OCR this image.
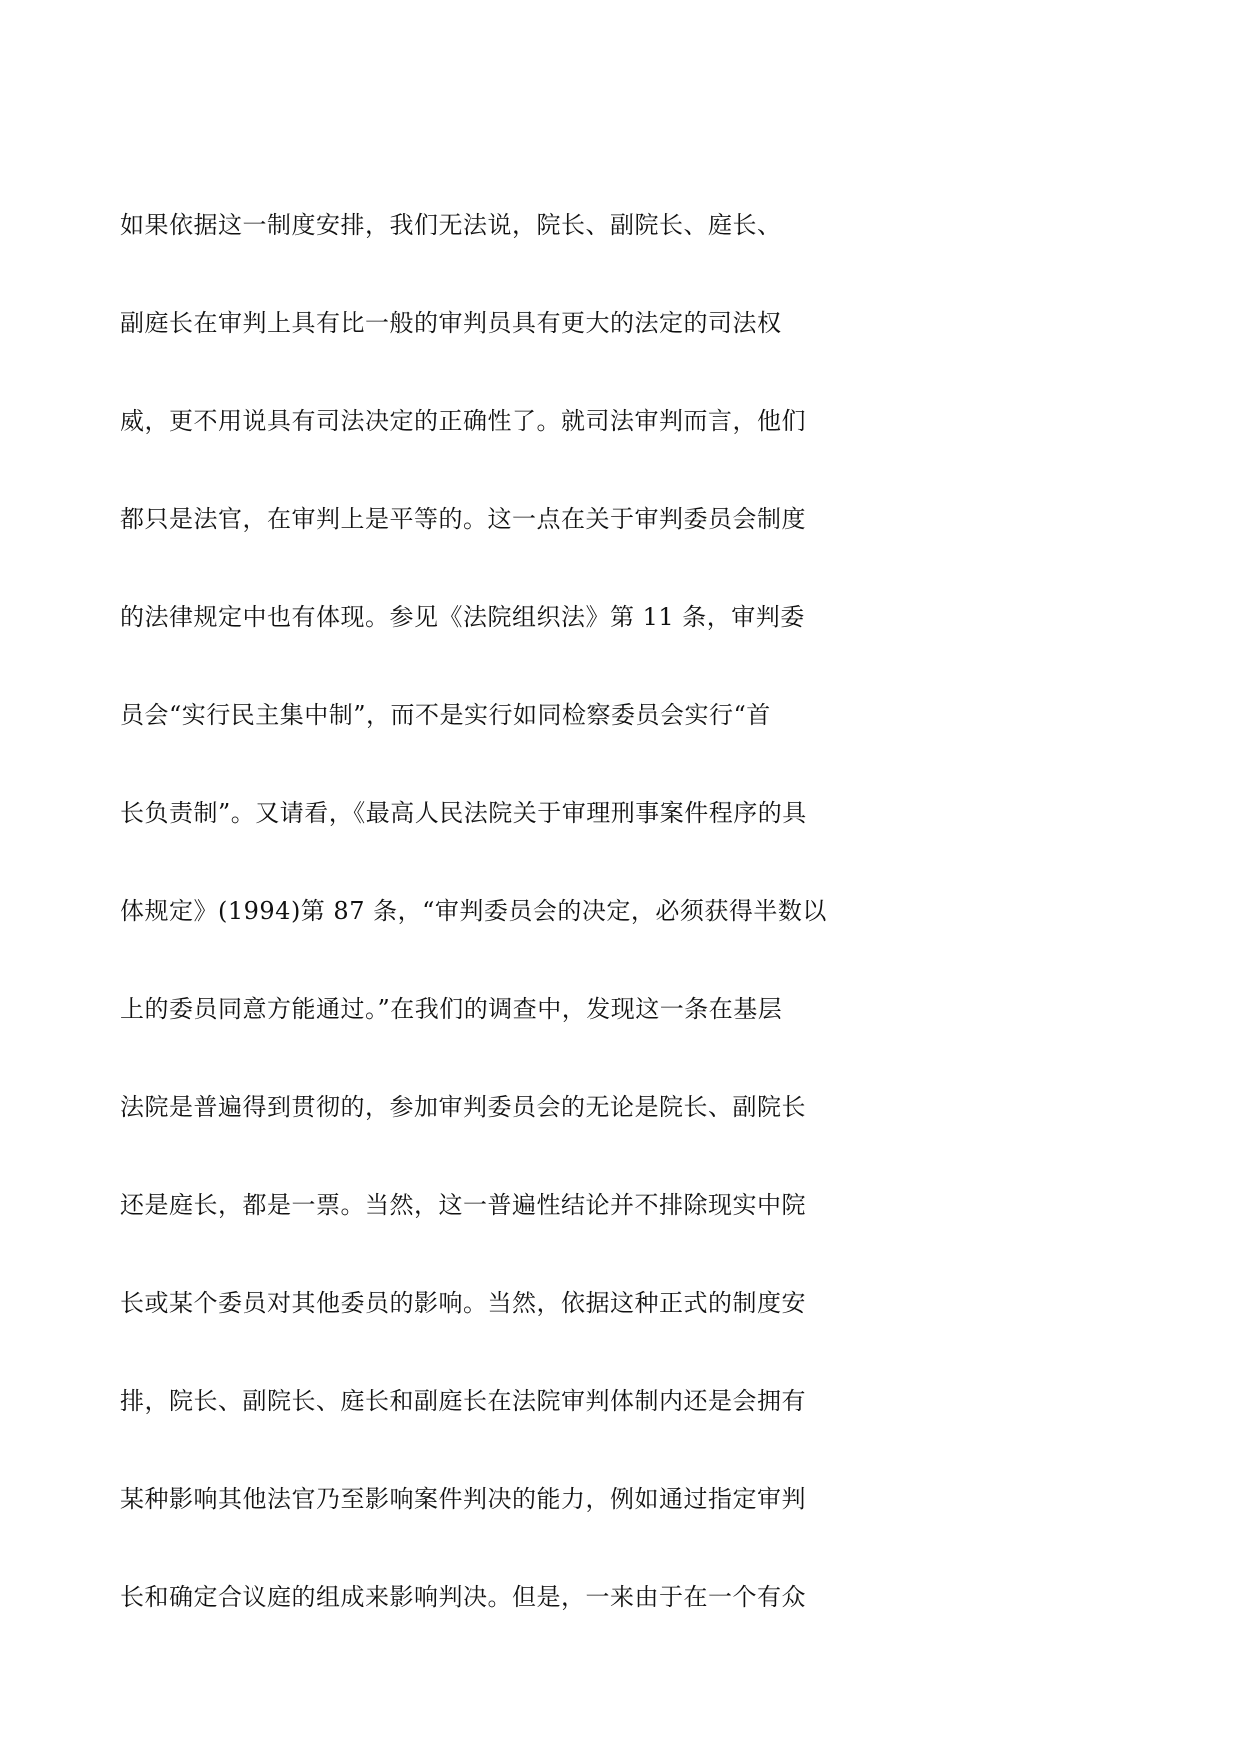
如果依据这一制度安排，我们无法说，院长、副院长、庭长、
副庭长在审判上具有比一般的审判员具有更大的法定的司法权
威，更不用说具有司法决定的正确性了。就司法审判而言，他们
都只是法官，在审判上是平等的。这一点在关于审判委员会制度
的法律规定中也有体现。参见《法院组织法》第 11 条，审判委
员会“实行民主集中制”，而不是实行如同检察委员会实行“首
长负责制”。又请看，《最高人民法院关于审理刑事案件程序的具
体规定》(1994)第 87 条，“审判委员会的决定，必须获得半数以
上的委员同意方能通过。”在我们的调查中，发现这一条在基层
法院是普遍得到贯彻的，参加审判委员会的无论是院长、副院长
还是庭长，都是一票。当然，这一普遍性结论并不排除现实中院
长或某个委员对其他委员的影响。当然，依据这种正式的制度安
排，院长、副院长、庭长和副庭长在法院审判体制内还是会拥有
某种影响其他法官乃至影响案件判决的能力，例如通过指定审判
长和确定合议庭的组成来影响判决。但是，一来由于在一个有众
